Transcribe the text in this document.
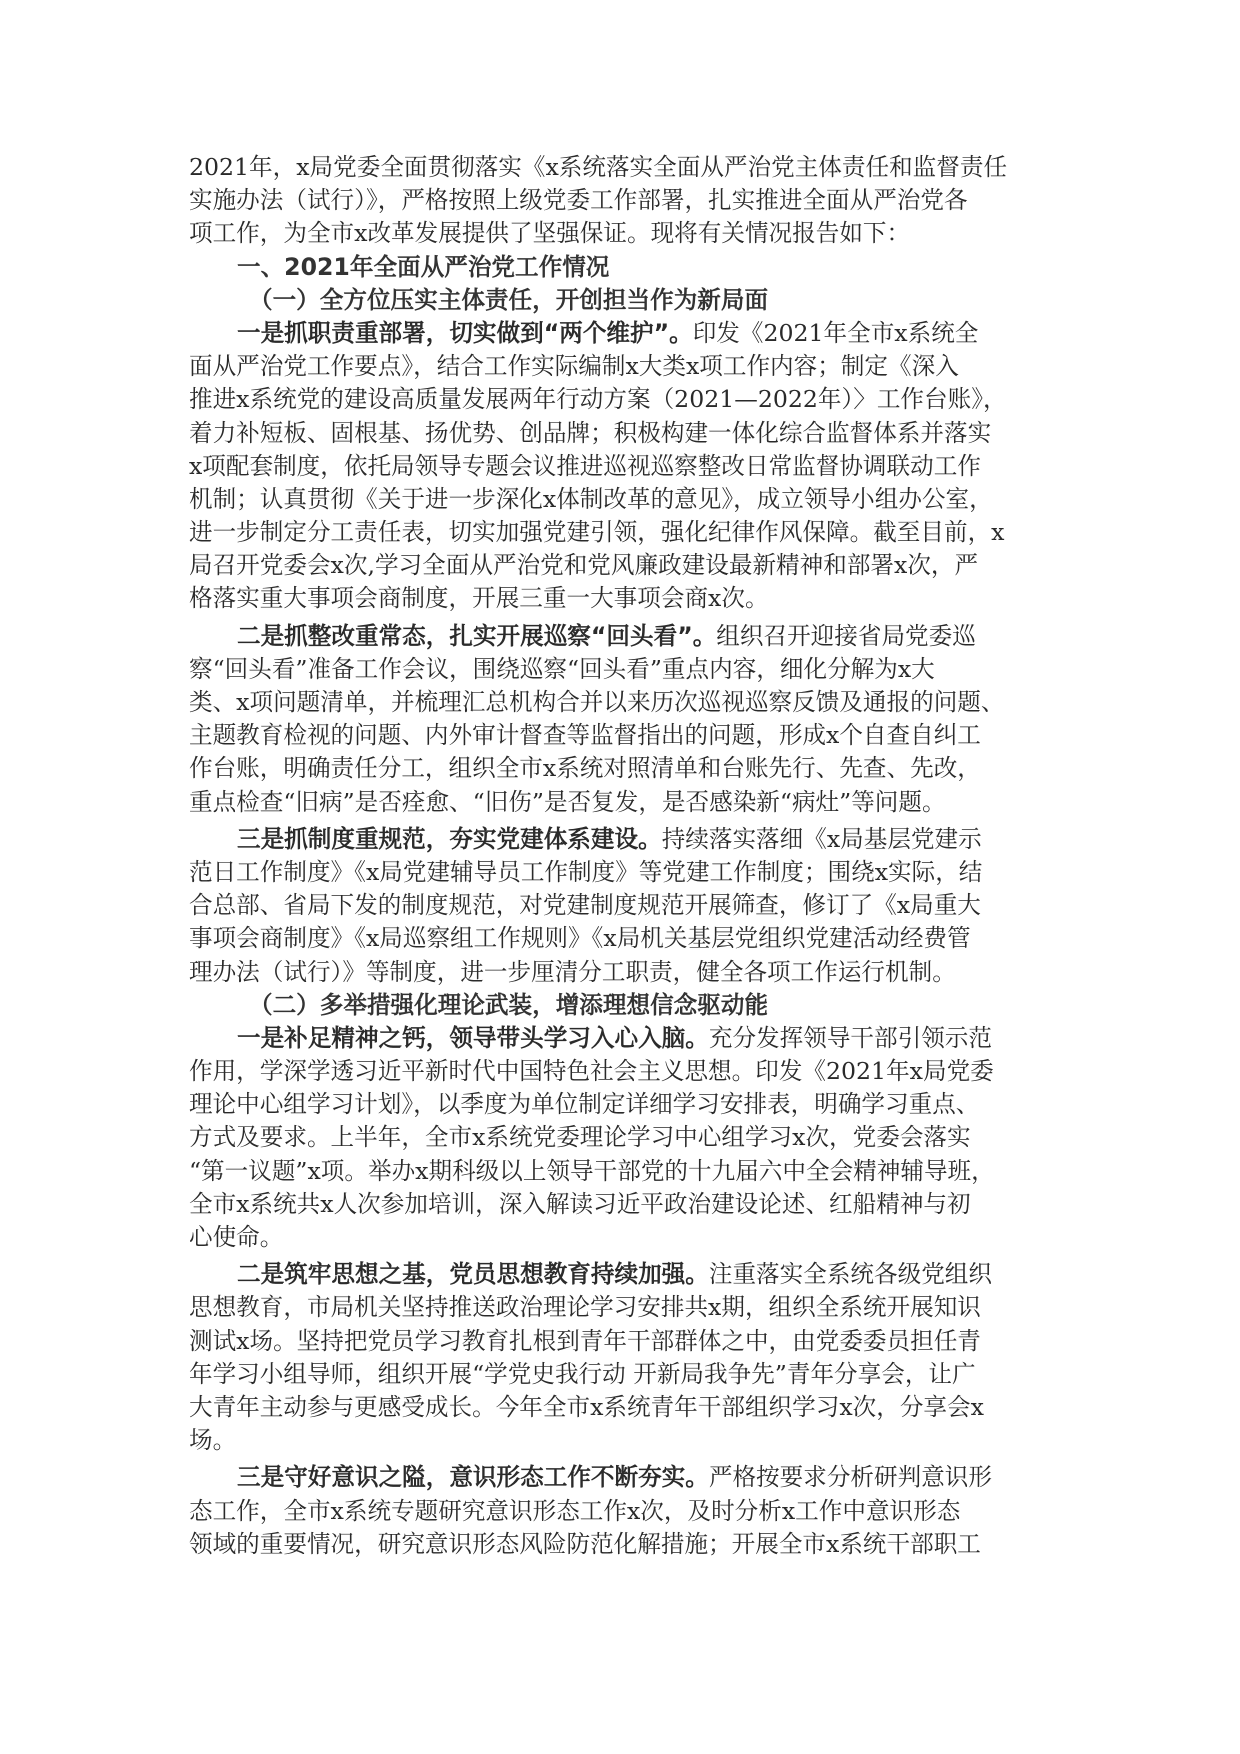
2021年，x局党委全面贯彻落实《x系统落实全面从严治党主体责任和监督责任
实施办法（试行）》，严格按照上级党委工作部署，扎实推进全面从严治党各
项工作，为全市x改革发展提供了坚强保证。现将有关情况报告如下：
一、2021年全面从严治党工作情况
（一）全方位压实主体责任，开创担当作为新局面
一是抓职责重部署，切实做到“两个维护”。印发《2021年全市x系统全
面从严治党工作要点》，结合工作实际编制x大类x项工作内容；制定《深入
推进x系统党的建设高质量发展两年行动方案（2021—2022年）〉工作台账》，
着力补短板、固根基、扬优势、创品牌；积极构建一体化综合监督体系并落实
x项配套制度，依托局领导专题会议推进巡视巡察整改日常监督协调联动工作
机制；认真贯彻《关于进一步深化x体制改革的意见》，成立领导小组办公室，
进一步制定分工责任表，切实加强党建引领，强化纪律作风保障。截至目前，x
局召开党委会x次,学习全面从严治党和党风廉政建设最新精神和部署x次，严
格落实重大事项会商制度，开展三重一大事项会商x次。
二是抓整改重常态，扎实开展巡察“回头看”。组织召开迎接省局党委巡
察“回头看”准备工作会议，围绕巡察“回头看”重点内容，细化分解为x大
类、x项问题清单，并梳理汇总机构合并以来历次巡视巡察反馈及通报的问题、
主题教育检视的问题、内外审计督查等监督指出的问题，形成x个自查自纠工
作台账，明确责任分工，组织全市x系统对照清单和台账先行、先查、先改，
重点检查“旧病”是否痊愈、“旧伤”是否复发，是否感染新“病灶”等问题。
三是抓制度重规范，夯实党建体系建设。持续落实落细《x局基层党建示
范日工作制度》《x局党建辅导员工作制度》等党建工作制度；围绕x实际，结
合总部、省局下发的制度规范，对党建制度规范开展筛查，修订了《x局重大
事项会商制度》《x局巡察组工作规则》《x局机关基层党组织党建活动经费管
理办法（试行）》等制度，进一步厘清分工职责，健全各项工作运行机制。
（二）多举措强化理论武装，增添理想信念驱动能
一是补足精神之钙，领导带头学习入心入脑。充分发挥领导干部引领示范
作用，学深学透习近平新时代中国特色社会主义思想。印发《2021年x局党委
理论中心组学习计划》，以季度为单位制定详细学习安排表，明确学习重点、
方式及要求。上半年，全市x系统党委理论学习中心组学习x次，党委会落实
“第一议题”x项。举办x期科级以上领导干部党的十九届六中全会精神辅导班，
全市x系统共x人次参加培训，深入解读习近平政治建设论述、红船精神与初
心使命。
二是筑牢思想之基，党员思想教育持续加强。注重落实全系统各级党组织
思想教育，市局机关坚持推送政治理论学习安排共x期，组织全系统开展知识
测试x场。坚持把党员学习教育扎根到青年干部群体之中，由党委委员担任青
年学习小组导师，组织开展“学党史我行动 开新局我争先”青年分享会，让广
大青年主动参与更感受成长。今年全市x系统青年干部组织学习x次，分享会x
场。
三是守好意识之隘，意识形态工作不断夯实。严格按要求分析研判意识形
态工作，全市x系统专题研究意识形态工作x次，及时分析x工作中意识形态
领域的重要情况，研究意识形态风险防范化解措施；开展全市x系统干部职工
